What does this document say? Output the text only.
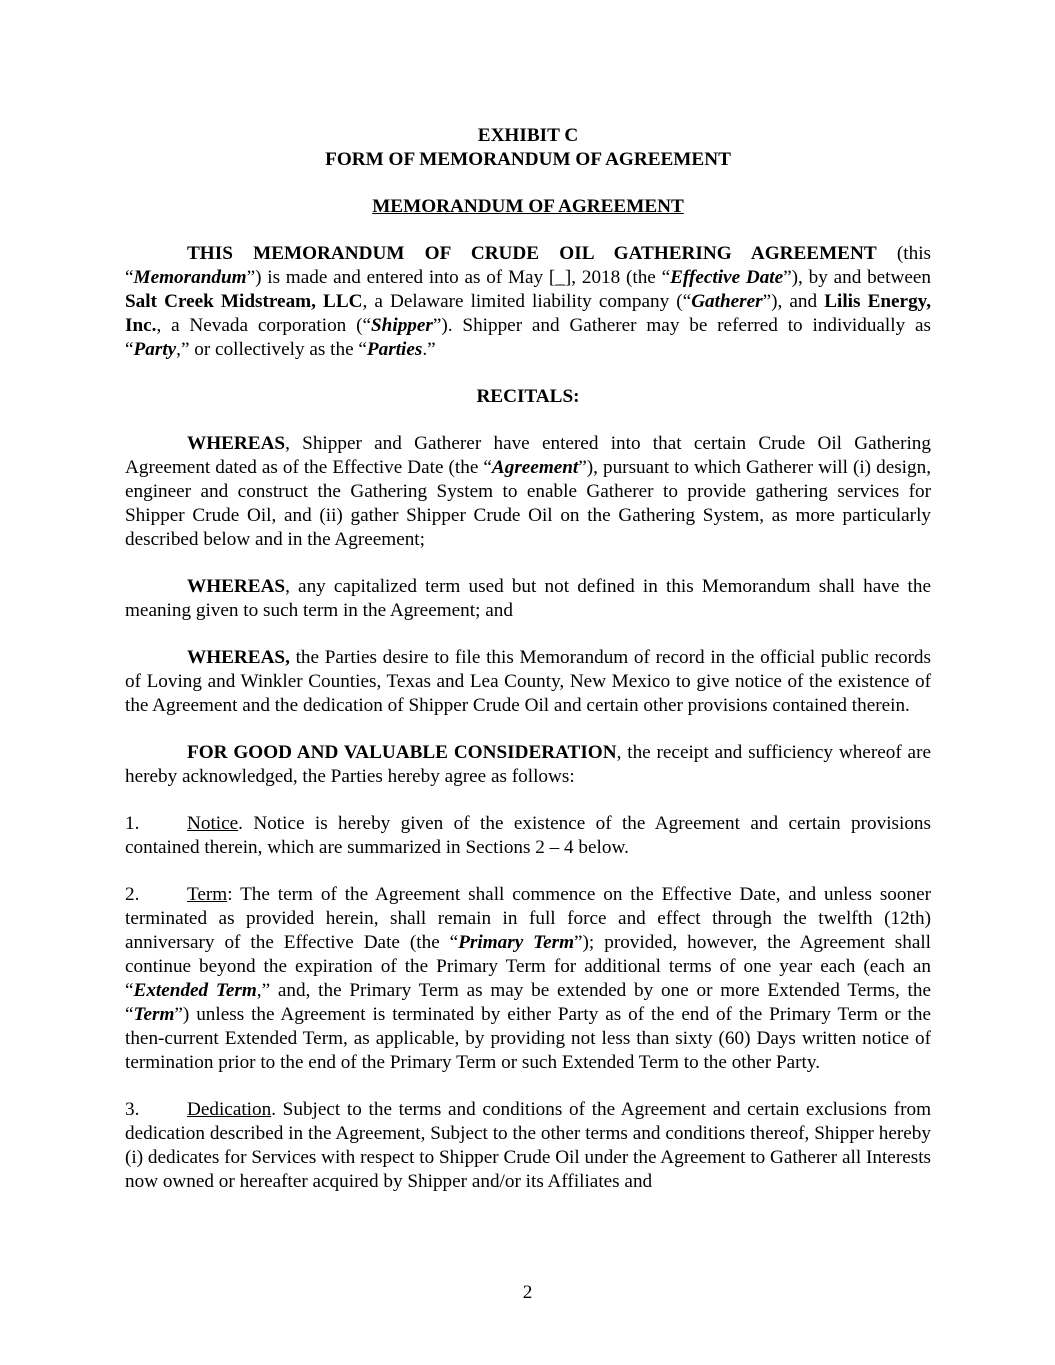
EXHIBIT C
FORM OF MEMORANDUM OF AGREEMENT
MEMORANDUM OF AGREEMENT

THIS MEMORANDUM OF CRUDE OIL GATHERING AGREEMENT (this “Memorandum”) is made and entered into as of May [_], 2018 (the “Effective Date”), by and between Salt Creek Midstream, LLC, a Delaware limited liability company (“Gatherer”), and Lilis Energy, Inc., a Nevada corporation (“Shipper”). Shipper and Gatherer may be referred to individually as “Party,” or collectively as the “Parties.”

RECITALS:

WHEREAS, Shipper and Gatherer have entered into that certain Crude Oil Gathering Agreement dated as of the Effective Date (the “Agreement”), pursuant to which Gatherer will (i) design, engineer and construct the Gathering System to enable Gatherer to provide gathering services for Shipper Crude Oil, and (ii) gather Shipper Crude Oil on the Gathering System, as more particularly described below and in the Agreement;

WHEREAS, any capitalized term used but not defined in this Memorandum shall have the meaning given to such term in the Agreement; and

WHEREAS, the Parties desire to file this Memorandum of record in the official public records of Loving and Winkler Counties, Texas and Lea County, New Mexico to give notice of the existence of the Agreement and the dedication of Shipper Crude Oil and certain other provisions contained therein.

FOR GOOD AND VALUABLE CONSIDERATION, the receipt and sufficiency whereof are hereby acknowledged, the Parties hereby agree as follows:

1. Notice. Notice is hereby given of the existence of the Agreement and certain provisions contained therein, which are summarized in Sections 2 – 4 below.

2. Term: The term of the Agreement shall commence on the Effective Date, and unless sooner terminated as provided herein, shall remain in full force and effect through the twelfth (12th) anniversary of the Effective Date (the “Primary Term”); provided, however, the Agreement shall continue beyond the expiration of the Primary Term for additional terms of one year each (each an “Extended Term,” and, the Primary Term as may be extended by one or more Extended Terms, the “Term”) unless the Agreement is terminated by either Party as of the end of the Primary Term or the then-current Extended Term, as applicable, by providing not less than sixty (60) Days written notice of termination prior to the end of the Primary Term or such Extended Term to the other Party.

3. Dedication. Subject to the terms and conditions of the Agreement and certain exclusions from dedication described in the Agreement, Subject to the other terms and conditions thereof, Shipper hereby (i) dedicates for Services with respect to Shipper Crude Oil under the Agreement to Gatherer all Interests now owned or hereafter acquired by Shipper and/or its Affiliates and

2
